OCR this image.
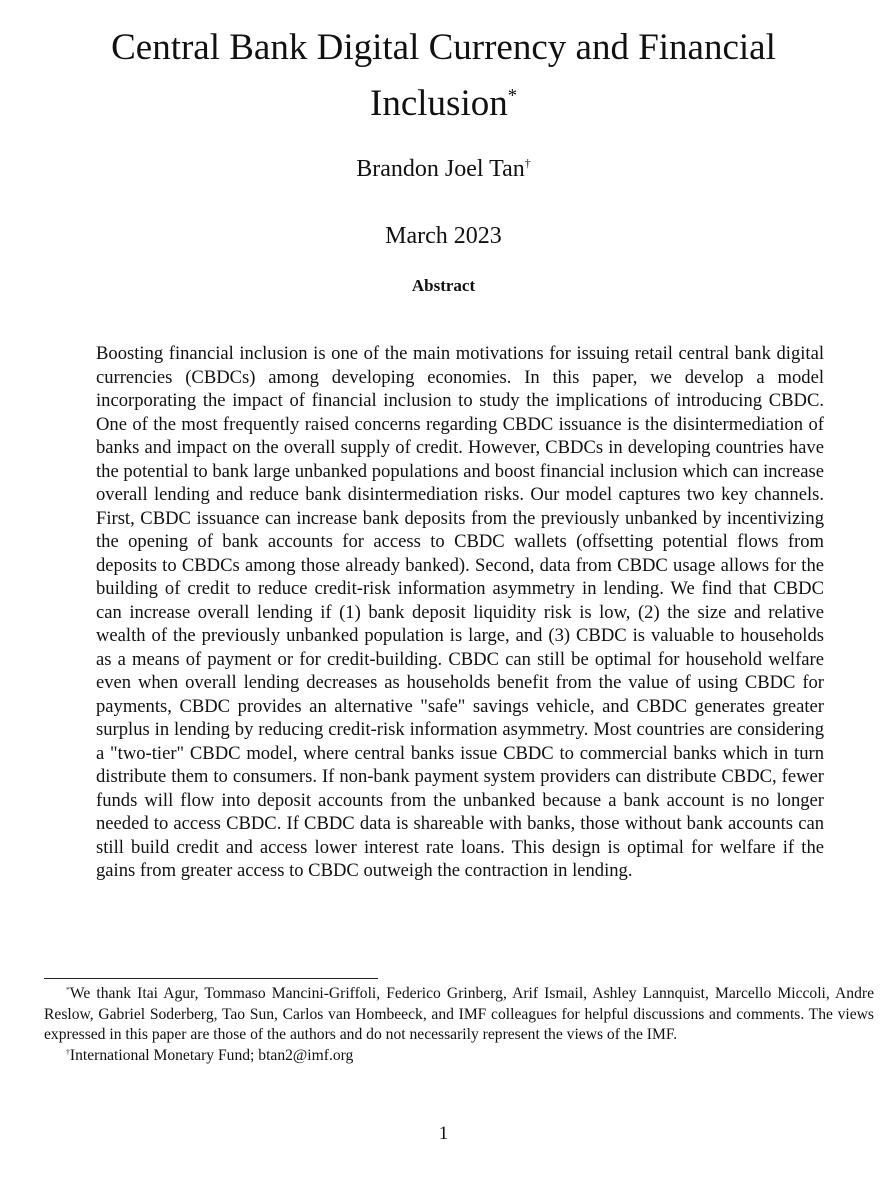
Central Bank Digital Currency and Financial Inclusion*
Brandon Joel Tan†
March 2023
Abstract

Boosting financial inclusion is one of the main motivations for issuing retail central bank digital currencies (CBDCs) among developing economies. In this paper, we develop a model incorporating the impact of financial inclusion to study the implications of introducing CBDC. One of the most frequently raised concerns regarding CBDC issuance is the disintermediation of banks and impact on the overall supply of credit. However, CBDCs in developing countries have the potential to bank large unbanked populations and boost financial inclusion which can increase overall lending and reduce bank disintermediation risks. Our model captures two key channels. First, CBDC issuance can increase bank deposits from the previously unbanked by incentivizing the opening of bank accounts for access to CBDC wallets (offsetting potential flows from deposits to CBDCs among those already banked). Second, data from CBDC usage allows for the building of credit to reduce credit-risk information asymmetry in lending. We find that CBDC can increase overall lending if (1) bank deposit liquidity risk is low, (2) the size and relative wealth of the previously unbanked population is large, and (3) CBDC is valuable to households as a means of payment or for credit-building. CBDC can still be optimal for household welfare even when overall lending decreases as households benefit from the value of using CBDC for payments, CBDC provides an alternative "safe" savings vehicle, and CBDC generates greater surplus in lending by reducing credit-risk information asymmetry. Most countries are considering a "two-tier" CBDC model, where central banks issue CBDC to commercial banks which in turn distribute them to consumers. If non-bank payment system providers can distribute CBDC, fewer funds will flow into deposit accounts from the unbanked because a bank account is no longer needed to access CBDC. If CBDC data is shareable with banks, those without bank accounts can still build credit and access lower interest rate loans. This design is optimal for welfare if the gains from greater access to CBDC outweigh the contraction in lending.

*We thank Itai Agur, Tommaso Mancini-Griffoli, Federico Grinberg, Arif Ismail, Ashley Lannquist, Marcello Miccoli, Andre Reslow, Gabriel Soderberg, Tao Sun, Carlos van Hombeeck, and IMF colleagues for helpful discussions and comments. The views expressed in this paper are those of the authors and do not necessarily represent the views of the IMF.

†International Monetary Fund; btan2@imf.org

1
